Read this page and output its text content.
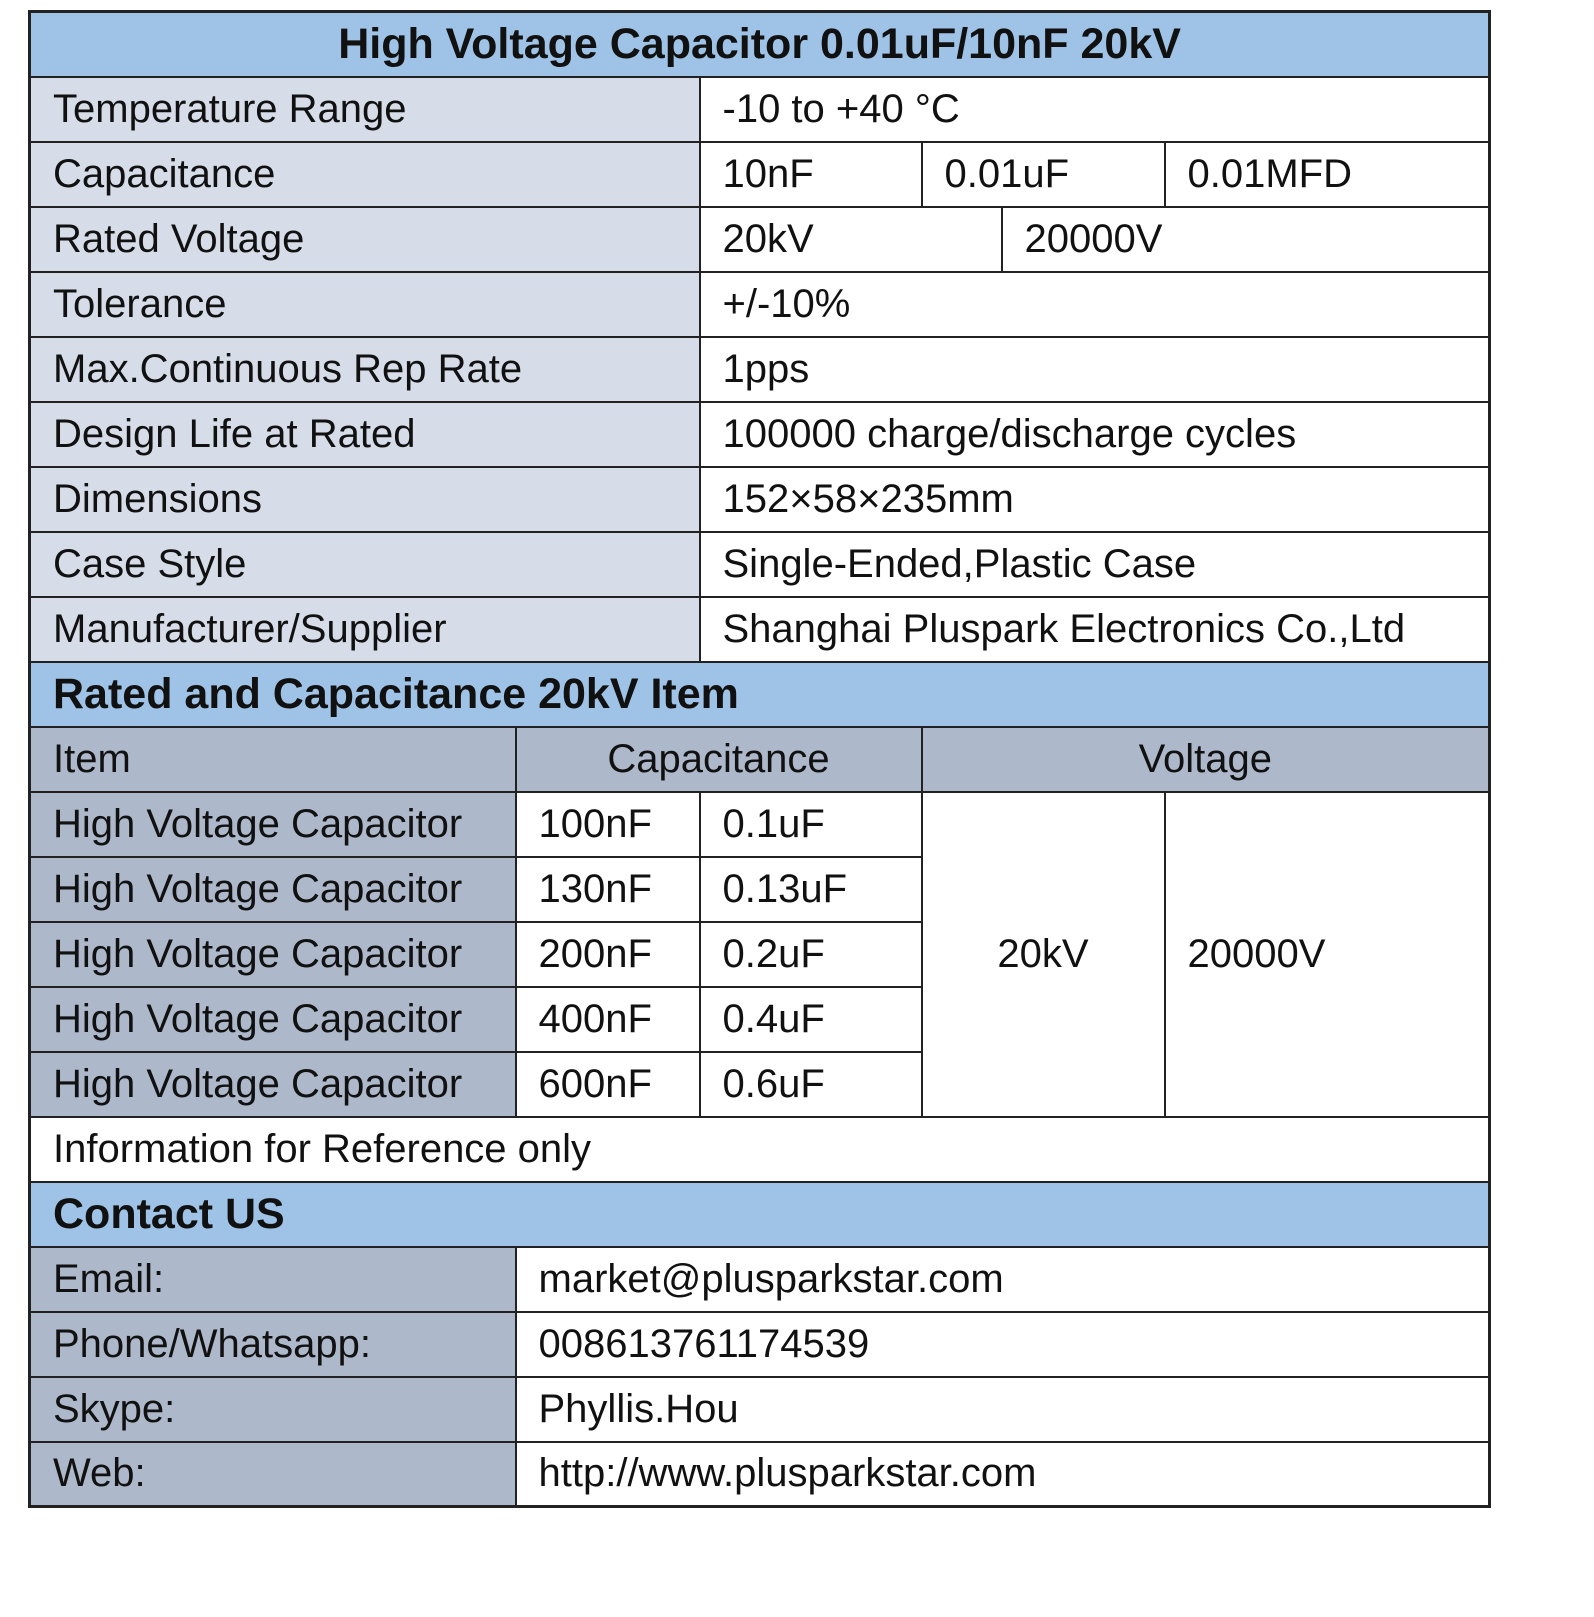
High Voltage Capacitor 0.01uF/10nF 20kV					
Temperature Range		-10 to +40 °C			
Capacitance		10nF	0.01uF		0.01MFD
Rated Voltage		20kV		20000V	
Tolerance		+/-10%			
Max.Continuous Rep Rate		1pps			
Design Life at Rated		100000 charge/discharge cycles			
Dimensions		152×58×235mm			
Case Style		Single-Ended,Plastic Case			
Manufacturer/Supplier		Shanghai Pluspark Electronics Co.,Ltd			
Rated and Capacitance 20kV Item					
Item	Capacitance		Voltage		
High Voltage Capacitor	100nF	0.1uF	20kV		20000V
High Voltage Capacitor	130nF	0.13uF			
High Voltage Capacitor	200nF	0.2uF			
High Voltage Capacitor	400nF	0.4uF			
High Voltage Capacitor	600nF	0.6uF			
Information for Reference only					
Contact US					
Email:	market@plusparkstar.com				
Phone/Whatsapp:	008613761174539				
Skype:	Phyllis.Hou				
Web:	http://www.plusparkstar.com				
